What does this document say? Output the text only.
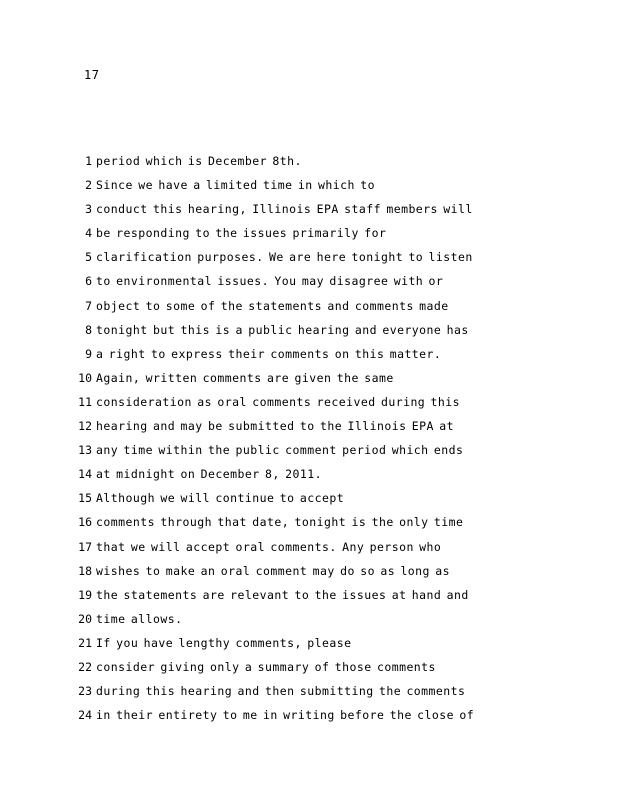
17
1 period which is December 8th.
2 Since we have a limited time in which to
3 conduct this hearing, Illinois EPA staff members will
4 be responding to the issues primarily for
5 clarification purposes. We are here tonight to listen
6 to environmental issues. You may disagree with or
7 object to some of the statements and comments made
8 tonight but this is a public hearing and everyone has
9 a right to express their comments on this matter.
10 Again, written comments are given the same
11 consideration as oral comments received during this
12 hearing and may be submitted to the Illinois EPA at
13 any time within the public comment period which ends
14 at midnight on December 8, 2011.
15 Although we will continue to accept
16 comments through that date, tonight is the only time
17 that we will accept oral comments. Any person who
18 wishes to make an oral comment may do so as long as
19 the statements are relevant to the issues at hand and
20 time allows.
21 If you have lengthy comments, please
22 consider giving only a summary of those comments
23 during this hearing and then submitting the comments
24 in their entirety to me in writing before the close of
